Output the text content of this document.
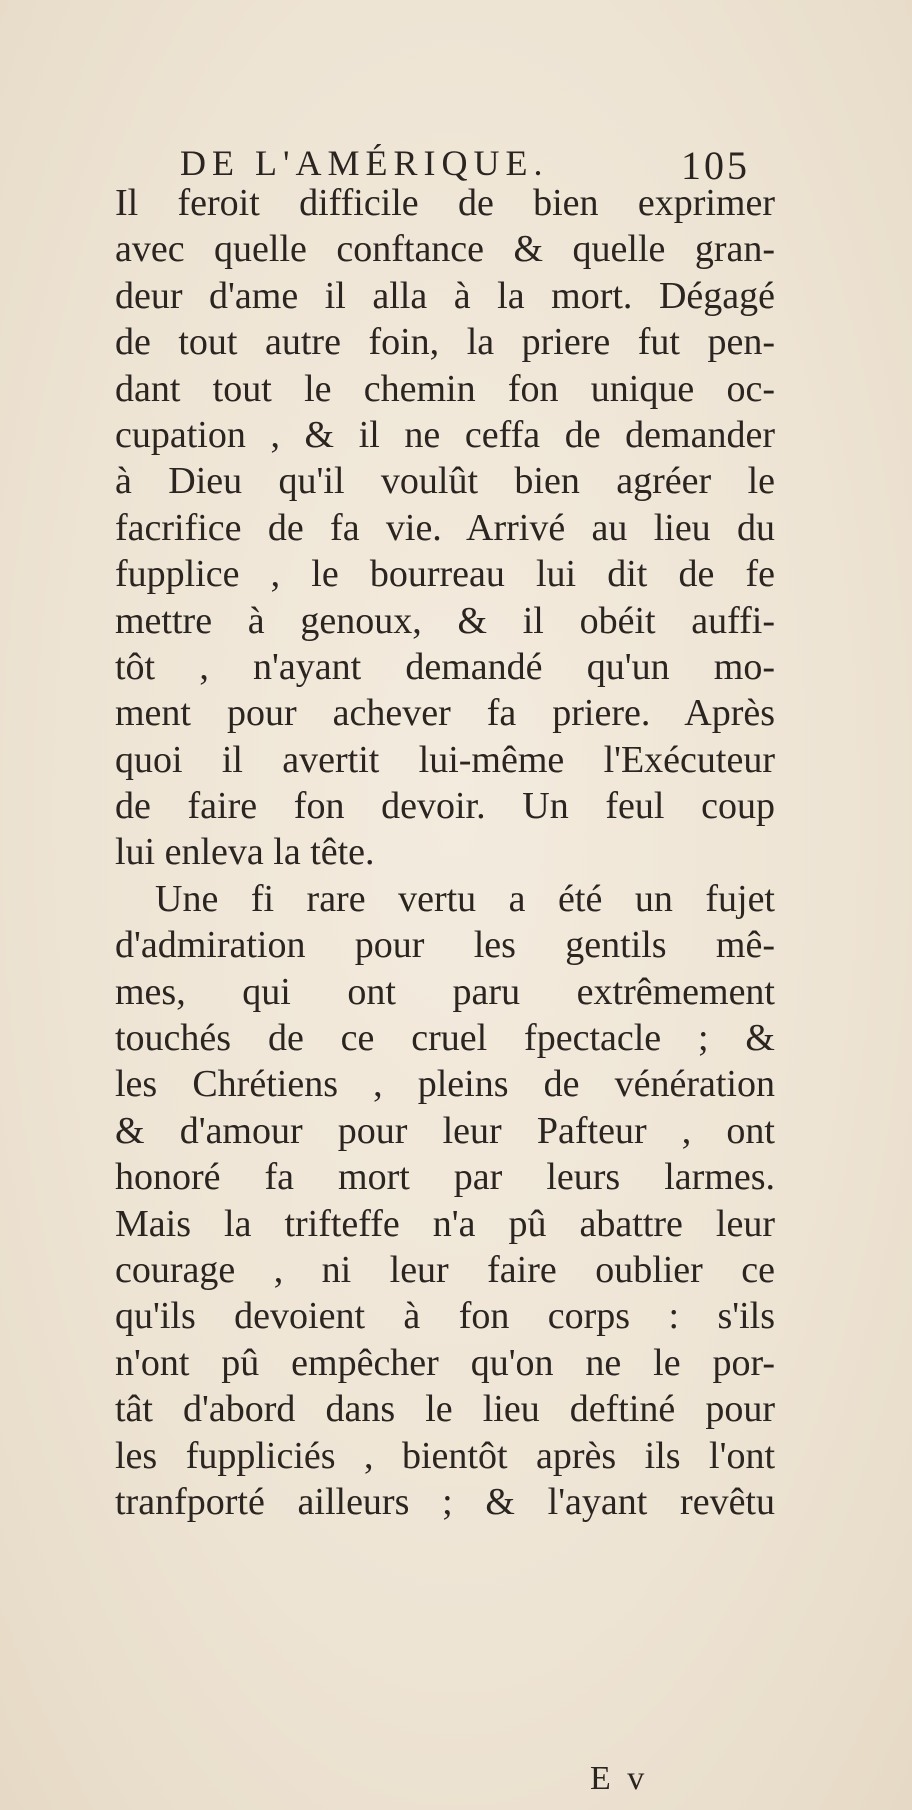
DE L'AMÉRIQUE.	105
Il feroit difficile de bien exprimer
avec quelle conftance & quelle gran-
deur d'ame il alla à la mort. Dégagé
de tout autre foin, la priere fut pen-
dant tout le chemin fon unique oc-
cupation , & il ne ceffa de demander
à Dieu qu'il voulût bien agréer le
facrifice de fa vie. Arrivé au lieu du
fupplice , le bourreau lui dit de fe
mettre à genoux, & il obéit auffi-
tôt , n'ayant demandé qu'un mo-
ment pour achever fa priere. Après
quoi il avertit lui-même l'Exécuteur
de faire fon devoir. Un feul coup
lui enleva la tête.
Une fi rare vertu a été un fujet
d'admiration pour les gentils mê-
mes, qui ont paru extrêmement
touchés de ce cruel fpectacle ; &
les Chrétiens , pleins de vénération
& d'amour pour leur Pafteur , ont
honoré fa mort par leurs larmes.
Mais la trifteffe n'a pû abattre leur
courage , ni leur faire oublier ce
qu'ils devoient à fon corps : s'ils
n'ont pû empêcher qu'on ne le por-
tât d'abord dans le lieu deftiné pour
les fuppliciés , bientôt après ils l'ont
tranfporté ailleurs ; & l'ayant revêtu
E v
